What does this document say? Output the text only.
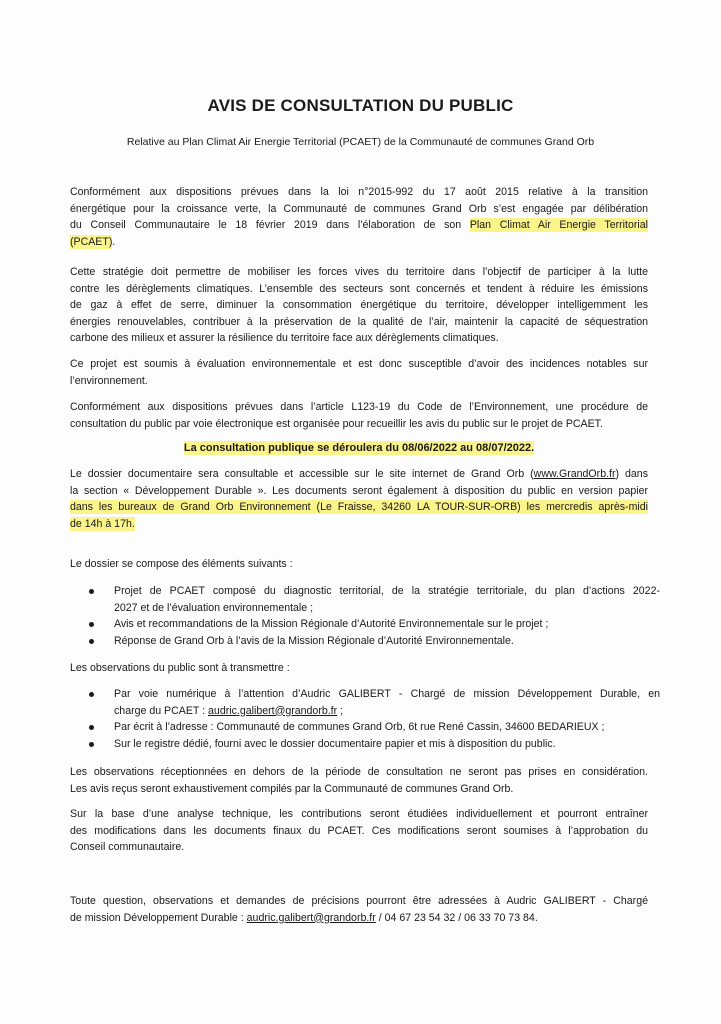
AVIS DE CONSULTATION DU PUBLIC
Relative au Plan Climat Air Energie Territorial (PCAET) de la Communauté de communes Grand Orb
Conformément aux dispositions prévues dans la loi n°2015-992 du 17 août 2015 relative à la transition
énergétique pour la croissance verte, la Communauté de communes Grand Orb s’est engagée par délibération
du Conseil Communautaire le 18 février 2019 dans l’élaboration de son Plan Climat Air Energie Territorial
(PCAET).
Cette stratégie doit permettre de mobiliser les forces vives du territoire dans l’objectif de participer à la lutte
contre les dérèglements climatiques. L’ensemble des secteurs sont concernés et tendent à réduire les émissions
de gaz à effet de serre, diminuer la consommation énergétique du territoire, développer intelligemment les
énergies renouvelables, contribuer à la préservation de la qualité de l’air, maintenir la capacité de séquestration
carbone des milieux et assurer la résilience du territoire face aux dérèglements climatiques.
Ce projet est soumis à évaluation environnementale et est donc susceptible d’avoir des incidences notables sur
l’environnement.
Conformément aux dispositions prévues dans l’article L123-19 du Code de l’Environnement, une procédure de
consultation du public par voie électronique est organisée pour recueillir les avis du public sur le projet de PCAET.
La consultation publique se déroulera du 08/06/2022 au 08/07/2022.
Le dossier documentaire sera consultable et accessible sur le site internet de Grand Orb (www.GrandOrb.fr) dans
la section « Développement Durable ». Les documents seront également à disposition du public en version papier
dans les bureaux de Grand Orb Environnement (Le Fraisse, 34260 LA TOUR-SUR-ORB) les mercredis après-midi
de 14h à 17h.
Le dossier se compose des éléments suivants :
Projet de PCAET composé du diagnostic territorial, de la stratégie territoriale, du plan d’actions 2022-
2027 et de l’évaluation environnementale ;
Avis et recommandations de la Mission Régionale d’Autorité Environnementale sur le projet ;
Réponse de Grand Orb à l’avis de la Mission Régionale d’Autorité Environnementale.
Les observations du public sont à transmettre :
Par voie numérique à l’attention d’Audric GALIBERT - Chargé de mission Développement Durable, en
charge du PCAET : audric.galibert@grandorb.fr ;
Par écrit à l’adresse : Communauté de communes Grand Orb, 6t rue René Cassin, 34600 BEDARIEUX ;
Sur le registre dédié, fourni avec le dossier documentaire papier et mis à disposition du public.
Les observations réceptionnées en dehors de la période de consultation ne seront pas prises en considération.
Les avis reçus seront exhaustivement compilés par la Communauté de communes Grand Orb.
Sur la base d’une analyse technique, les contributions seront étudiées individuellement et pourront entraîner
des modifications dans les documents finaux du PCAET. Ces modifications seront soumises à l’approbation du
Conseil communautaire.
Toute question, observations et demandes de précisions pourront être adressées à Audric GALIBERT - Chargé
de mission Développement Durable : audric.galibert@grandorb.fr / 04 67 23 54 32 / 06 33 70 73 84.
